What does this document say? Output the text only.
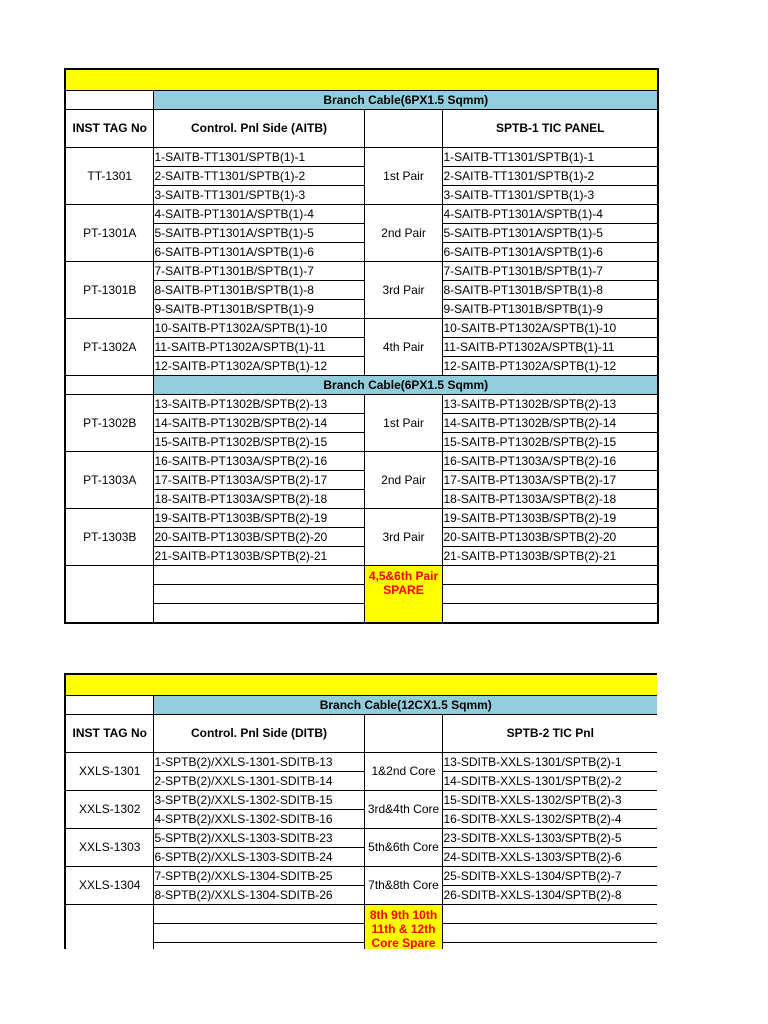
	Branch Cable(6PX1.5 Sqmm)		
INST TAG No	Control. Pnl Side (AITB)		SPTB-1 TIC PANEL
TT-1301	1-SAITB-TT1301/SPTB(1)-1	1st Pair	1-SAITB-TT1301/SPTB(1)-1
	2-SAITB-TT1301/SPTB(1)-2		2-SAITB-TT1301/SPTB(1)-2
	3-SAITB-TT1301/SPTB(1)-3		3-SAITB-TT1301/SPTB(1)-3
PT-1301A	4-SAITB-PT1301A/SPTB(1)-4	2nd Pair	4-SAITB-PT1301A/SPTB(1)-4
	5-SAITB-PT1301A/SPTB(1)-5		5-SAITB-PT1301A/SPTB(1)-5
	6-SAITB-PT1301A/SPTB(1)-6		6-SAITB-PT1301A/SPTB(1)-6
PT-1301B	7-SAITB-PT1301B/SPTB(1)-7	3rd Pair	7-SAITB-PT1301B/SPTB(1)-7
	8-SAITB-PT1301B/SPTB(1)-8		8-SAITB-PT1301B/SPTB(1)-8
	9-SAITB-PT1301B/SPTB(1)-9		9-SAITB-PT1301B/SPTB(1)-9
PT-1302A	10-SAITB-PT1302A/SPTB(1)-10	4th Pair	10-SAITB-PT1302A/SPTB(1)-10
	11-SAITB-PT1302A/SPTB(1)-11		11-SAITB-PT1302A/SPTB(1)-11
	12-SAITB-PT1302A/SPTB(1)-12		12-SAITB-PT1302A/SPTB(1)-12
	Branch Cable(6PX1.5 Sqmm)		
PT-1302B	13-SAITB-PT1302B/SPTB(2)-13	1st Pair	13-SAITB-PT1302B/SPTB(2)-13
	14-SAITB-PT1302B/SPTB(2)-14		14-SAITB-PT1302B/SPTB(2)-14
	15-SAITB-PT1302B/SPTB(2)-15		15-SAITB-PT1302B/SPTB(2)-15
PT-1303A	16-SAITB-PT1303A/SPTB(2)-16	2nd Pair	16-SAITB-PT1303A/SPTB(2)-16
	17-SAITB-PT1303A/SPTB(2)-17		17-SAITB-PT1303A/SPTB(2)-17
	18-SAITB-PT1303A/SPTB(2)-18		18-SAITB-PT1303A/SPTB(2)-18
PT-1303B	19-SAITB-PT1303B/SPTB(2)-19	3rd Pair	19-SAITB-PT1303B/SPTB(2)-19
	20-SAITB-PT1303B/SPTB(2)-20		20-SAITB-PT1303B/SPTB(2)-20
	21-SAITB-PT1303B/SPTB(2)-21		21-SAITB-PT1303B/SPTB(2)-21
		4,5&6th Pair SPARE	

	Branch Cable(12CX1.5 Sqmm)		
INST TAG No	Control. Pnl Side (DITB)		SPTB-2 TIC Pnl
XXLS-1301	1-SPTB(2)/XXLS-1301-SDITB-13	1&2nd Core	13-SDITB-XXLS-1301/SPTB(2)-1
	2-SPTB(2)/XXLS-1301-SDITB-14		14-SDITB-XXLS-1301/SPTB(2)-2
XXLS-1302	3-SPTB(2)/XXLS-1302-SDITB-15	3rd&4th Core	15-SDITB-XXLS-1302/SPTB(2)-3
	4-SPTB(2)/XXLS-1302-SDITB-16		16-SDITB-XXLS-1302/SPTB(2)-4
XXLS-1303	5-SPTB(2)/XXLS-1303-SDITB-23	5th&6th Core	23-SDITB-XXLS-1303/SPTB(2)-5
	6-SPTB(2)/XXLS-1303-SDITB-24		24-SDITB-XXLS-1303/SPTB(2)-6
XXLS-1304	7-SPTB(2)/XXLS-1304-SDITB-25	7th&8th Core	25-SDITB-XXLS-1304/SPTB(2)-7
	8-SPTB(2)/XXLS-1304-SDITB-26		26-SDITB-XXLS-1304/SPTB(2)-8
		8th 9th 10th 11th & 12th Core Spare	
